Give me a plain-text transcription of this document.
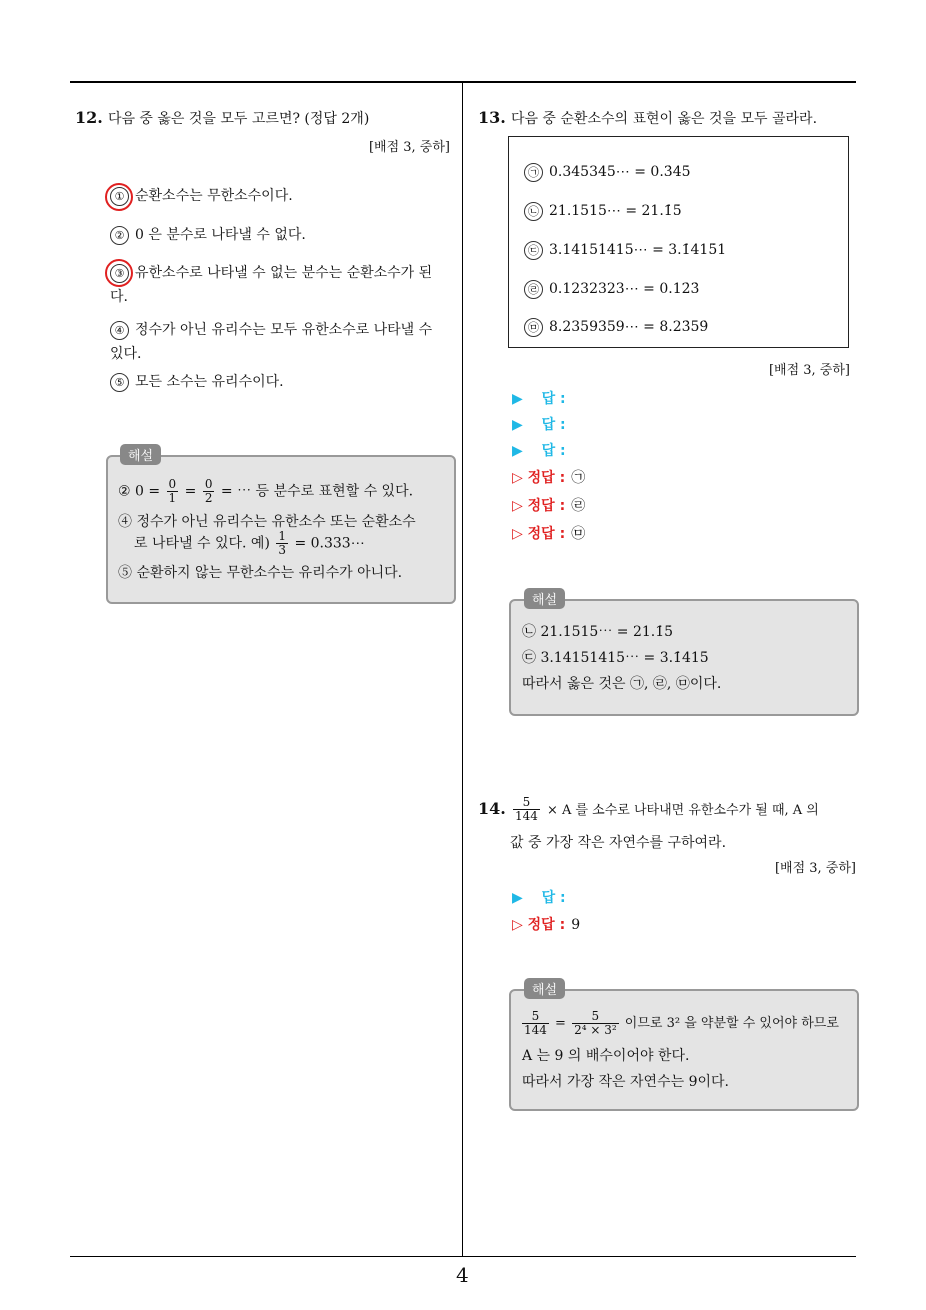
4
12. 다음 중 옳은 것을 모두 고르면? (정답 2개)
[배점 3, 중하]
① 순환소수는 무한소수이다.
② 0 은 분수로 나타낼 수 없다.
③ 유한소수로 나타낼 수 없는 분수는 순환소수가 된다.
④ 정수가 아닌 유리수는 모두 유한소수로 나타낼 수 있다.
⑤ 모든 소수는 유리수이다.
해설
② $0 = \frac{0}{1} = \frac{0}{2}$ = ⋯ 등 분수로 표현할 수 있다.
④ 정수가 아닌 유리수는 유한소수 또는 순환소수
로 나타낼 수 있다. 예) $\frac{1}{3}$ = 0.333⋯
⑤ 순환하지 않는 무한소수는 유리수가 아니다.
13. 다음 중 순환소수의 표현이 옳은 것을 모두 골라라.
㉠ 0.345345⋯ = 0.3̇45̇
㉡ 21.1515⋯ = 21.1̇5̇
㉢ 3.14151415⋯ = 3.1̇415̇1
㉣ 0.1232323⋯ = 0.12̇3̇
㉤ 8.2359359⋯ = 8.23̇59̇
[배점 3, 중하]
▶ 답 :
▶ 답 :
▶ 답 :
▷ 정답 : ㉠
▷ 정답 : ㉣
▷ 정답 : ㉤
해설
㉡ 21.1515⋯ = 21.1̇5̇
㉢ 3.14151415⋯ = 3.1̇415̇
따라서 옳은 것은 ㉠, ㉣, ㉤이다.
14. $\frac{5}{144} \times A$ 를 소수로 나타내면 유한소수가 될 때, A 의
값 중 가장 작은 자연수를 구하여라.
[배점 3, 중하]
▶ 답 :
▷ 정답 : 9
해설
$\frac{5}{144} = \frac{5}{\text{2⁴ × 3²}}$ 이므로 3² 을 약분할 수 있어야 하므로
A 는 9 의 배수이어야 한다.
따라서 가장 작은 자연수는 9이다.
